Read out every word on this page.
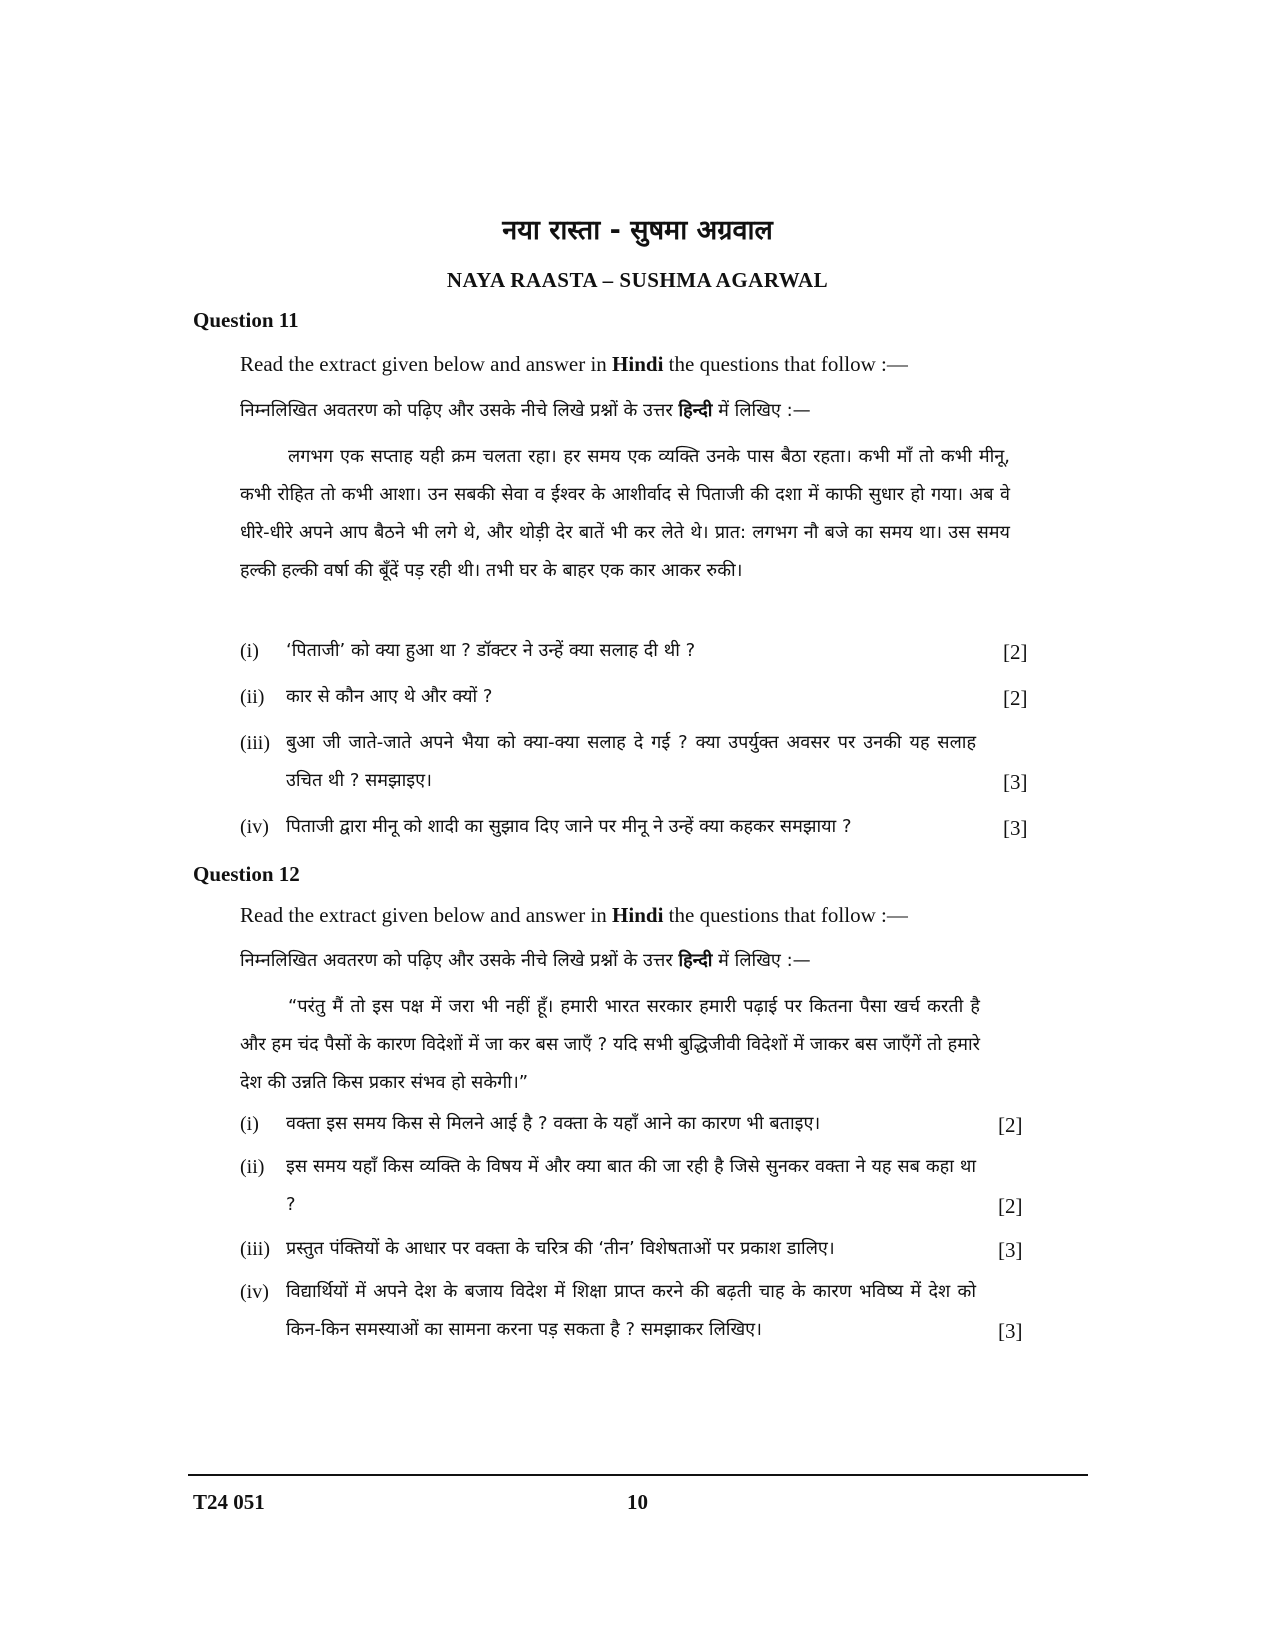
नया रास्ता - सुषमा अग्रवाल
NAYA RAASTA – SUSHMA AGARWAL
Question 11
Read the extract given below and answer in Hindi the questions that follow :—
निम्नलिखित अवतरण को पढ़िए और उसके नीचे लिखे प्रश्नों के उत्तर हिन्दी में लिखिए :—

लगभग एक सप्ताह यही क्रम चलता रहा। हर समय एक व्यक्ति उनके पास बैठा रहता। कभी माँ तो कभी मीनू, कभी रोहित तो कभी आशा। उन सबकी सेवा व ईश्वर के आशीर्वाद से पिताजी की दशा में काफी सुधार हो गया। अब वे धीरे-धीरे अपने आप बैठने भी लगे थे, और थोड़ी देर बातें भी कर लेते थे। प्रात: लगभग नौ बजे का समय था। उस समय हल्की हल्की वर्षा की बूँदें पड़ रही थी। तभी घर के बाहर एक कार आकर रुकी।

(i) ‘पिताजी’ को क्या हुआ था ? डॉक्टर ने उन्हें क्या सलाह दी थी ?	[2]
(ii) कार से कौन आए थे और क्यों ?	[2]
(iii) बुआ जी जाते-जाते अपने भैया को क्या-क्या सलाह दे गई ? क्या उपर्युक्त अवसर पर उनकी यह सलाह उचित थी ? समझाइए।	[3]
(iv) पिताजी द्वारा मीनू को शादी का सुझाव दिए जाने पर मीनू ने उन्हें क्या कहकर समझाया ?	[3]
Question 12
Read the extract given below and answer in Hindi the questions that follow :—
निम्नलिखित अवतरण को पढ़िए और उसके नीचे लिखे प्रश्नों के उत्तर हिन्दी में लिखिए :—

“परंतु मैं तो इस पक्ष में जरा भी नहीं हूँ। हमारी भारत सरकार हमारी पढ़ाई पर कितना पैसा खर्च करती है और हम चंद पैसों के कारण विदेशों में जा कर बस जाएँ ? यदि सभी बुद्धिजीवी विदेशों में जाकर बस जाएँगें तो हमारे देश की उन्नति किस प्रकार संभव हो सकेगी।”

(i) वक्ता इस समय किस से मिलने आई है ? वक्ता के यहाँ आने का कारण भी बताइए।	[2]
(ii) इस समय यहाँ किस व्यक्ति के विषय में और क्या बात की जा रही है जिसे सुनकर वक्ता ने यह सब कहा था ?	[2]
(iii) प्रस्तुत पंक्तियों के आधार पर वक्ता के चरित्र की ‘तीन’ विशेषताओं पर प्रकाश डालिए।	[3]
(iv) विद्यार्थियों में अपने देश के बजाय विदेश में शिक्षा प्राप्त करने की बढ़ती चाह के कारण भविष्य में देश को किन-किन समस्याओं का सामना करना पड़ सकता है ? समझाकर लिखिए।	[3]
T24 051	10
